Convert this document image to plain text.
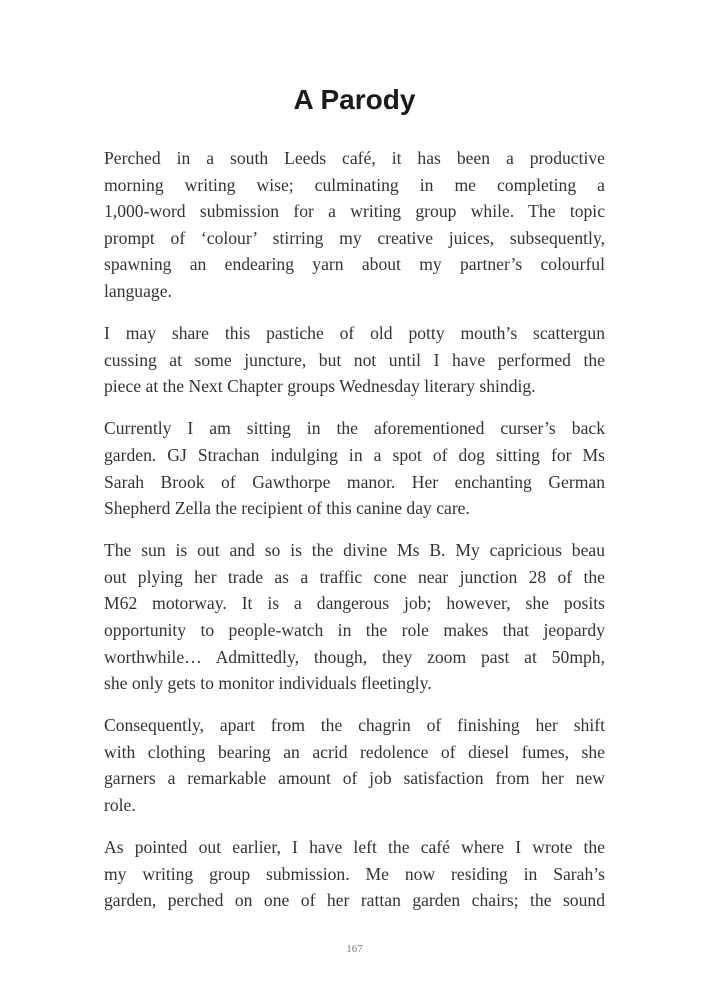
A Parody
Perched in a south Leeds café, it has been a productive
morning writing wise; culminating in me completing a
1,000-word submission for a writing group while. The topic
prompt of ‘colour’ stirring my creative juices, subsequently,
spawning an endearing yarn about my partner’s colourful
language.
I may share this pastiche of old potty mouth’s scattergun
cussing at some juncture, but not until I have performed the
piece at the Next Chapter groups Wednesday literary shindig.
Currently I am sitting in the aforementioned curser’s back
garden. GJ Strachan indulging in a spot of dog sitting for Ms
Sarah Brook of Gawthorpe manor. Her enchanting German
Shepherd Zella the recipient of this canine day care.
The sun is out and so is the divine Ms B. My capricious beau
out plying her trade as a traffic cone near junction 28 of the
M62 motorway. It is a dangerous job; however, she posits
opportunity to people-watch in the role makes that jeopardy
worthwhile… Admittedly, though, they zoom past at 50mph,
she only gets to monitor individuals fleetingly.
Consequently, apart from the chagrin of finishing her shift
with clothing bearing an acrid redolence of diesel fumes, she
garners a remarkable amount of job satisfaction from her new
role.
As pointed out earlier, I have left the café where I wrote the
my writing group submission. Me now residing in Sarah’s
garden, perched on one of her rattan garden chairs; the sound
167
